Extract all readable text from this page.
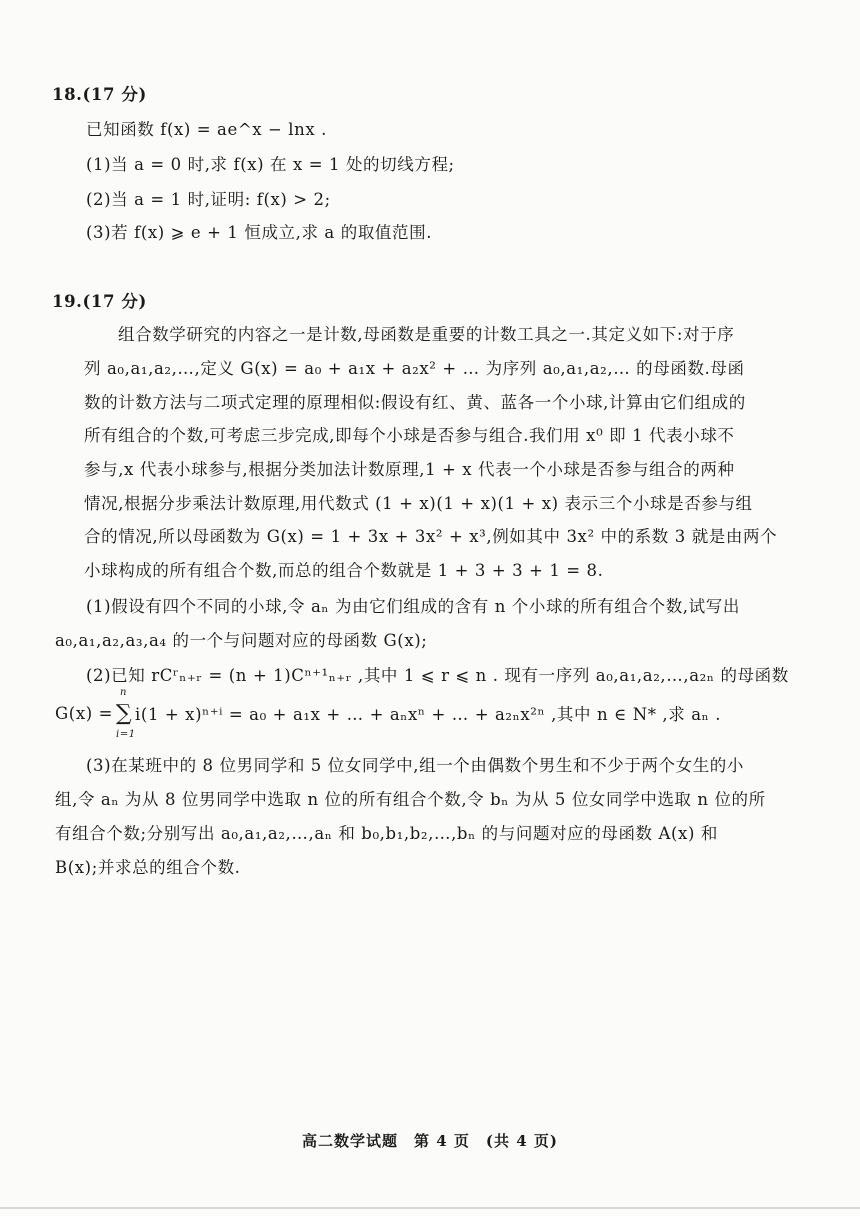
18.(17 分)
已知函数 f(x) = ae^x − lnx .
(1)当 a = 0 时,求 f(x) 在 x = 1 处的切线方程;
(2)当 a = 1 时,证明: f(x) > 2;
(3)若 f(x) ⩾ e + 1 恒成立,求 a 的取值范围.
19.(17 分)
组合数学研究的内容之一是计数,母函数是重要的计数工具之一.其定义如下:对于序
列 a₀,a₁,a₂,…,定义 G(x) = a₀ + a₁x + a₂x² + … 为序列 a₀,a₁,a₂,… 的母函数.母函
数的计数方法与二项式定理的原理相似:假设有红、黄、蓝各一个小球,计算由它们组成的
所有组合的个数,可考虑三步完成,即每个小球是否参与组合.我们用 x⁰ 即 1 代表小球不
参与,x 代表小球参与,根据分类加法计数原理,1 + x 代表一个小球是否参与组合的两种
情况,根据分步乘法计数原理,用代数式 (1 + x)(1 + x)(1 + x) 表示三个小球是否参与组
合的情况,所以母函数为 G(x) = 1 + 3x + 3x² + x³,例如其中 3x² 中的系数 3 就是由两个
小球构成的所有组合个数,而总的组合个数就是 1 + 3 + 3 + 1 = 8.
(1)假设有四个不同的小球,令 aₙ 为由它们组成的含有 n 个小球的所有组合个数,试写出
a₀,a₁,a₂,a₃,a₄ 的一个与问题对应的母函数 G(x);
(2)已知 rCʳₙ₊ᵣ = (n + 1)Cⁿ⁺¹ₙ₊ᵣ ,其中 1 ⩽ r ⩽ n . 现有一序列 a₀,a₁,a₂,…,a₂ₙ 的母函数
G(x) = ∑
n
i=1
i(1 + x)ⁿ⁺ⁱ = a₀ + a₁x + … + aₙxⁿ + … + a₂ₙx²ⁿ ,其中 n ∈ N* ,求 aₙ .
(3)在某班中的 8 位男同学和 5 位女同学中,组一个由偶数个男生和不少于两个女生的小
组,令 aₙ 为从 8 位男同学中选取 n 位的所有组合个数,令 bₙ 为从 5 位女同学中选取 n 位的所
有组合个数;分别写出 a₀,a₁,a₂,…,aₙ 和 b₀,b₁,b₂,…,bₙ 的与问题对应的母函数 A(x) 和
B(x);并求总的组合个数.
高二数学试题　第 4 页　(共 4 页)
